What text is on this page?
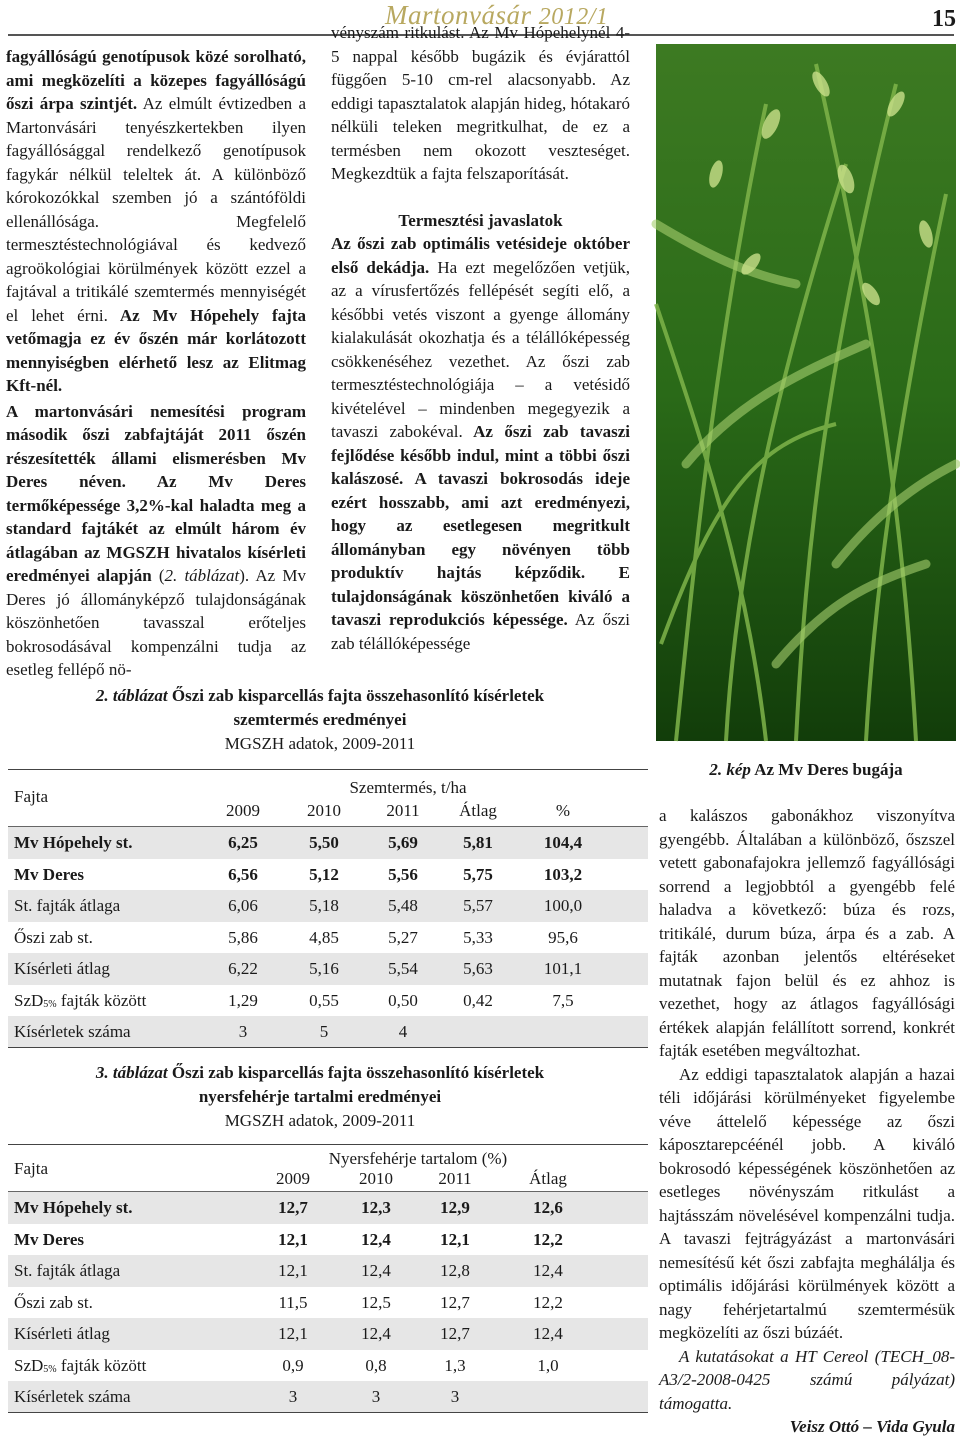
Martonvásár 2012/1	15

fagyállóságú genotípusok közé sorolható, ami megközelíti a közepes fagyállóságú őszi árpa szintjét. Az elmúlt évtizedben a Martonvásári tenyészkertekben ilyen fagyállósággal rendelkező genotípusok fagykár nélkül teleltek át. A különböző kórokozókkal szemben jó a szántóföldi ellenállósága. Megfelelő termesztéstechnológiával és kedvező agroökológiai körülmények között ezzel a fajtával a tritikálé szemtermés mennyiségét el lehet érni. Az Mv Hópehely fajta vetőmagja ez év őszén már korlátozott mennyiségben elérhető lesz az Elitmag Kft-nél.

A martonvásári nemesítési program második őszi zabfajtáját 2011 őszén részesítették állami elismerésben Mv Deres néven. Az Mv Deres termőképessége 3,2%-kal haladta meg a standard fajtákét az elmúlt három év átlagában az MGSZH hivatalos kísérleti eredményei alapján (2. táblázat). Az Mv Deres jó állományképző tulajdonságának köszönhetően tavasszal erőteljes bokrosodásával kompenzálni tudja az esetleg fellépő nö-

vényszám ritkulást. Az Mv Hópehelynél 4-5 nappal később bugázik és évjárattól függően 5-10 cm-rel alacsonyabb. Az eddigi tapasztalatok alapján hideg, hótakaró nélküli teleken megritkulhat, de ez a termésben nem okozott veszteséget. Megkezdtük a fajta felszaporítását.

Termesztési javaslatok

Az őszi zab optimális vetésideje október első dekádja. Ha ezt megelőzően vetjük, az a vírusfertőzés fellépését segíti elő, a későbbi vetés viszont a gyenge állomány kialakulását okozhatja és a télállóképesség csökkenéséhez vezethet. Az őszi zab termesztéstechnológiája – a vetésidő kivételével – mindenben megegyezik a tavaszi zabokéval. Az őszi zab tavaszi fejlődése később indul, mint a többi őszi kalászosé. A tavaszi bokrosodás ideje ezért hosszabb, ami azt eredményezi, hogy az esetlegesen megritkult állományban egy növényen több produktív hajtás képződik. E tulajdonságának köszönhetően kiváló a tavaszi reprodukciós képessége. Az őszi zab télállóképessége

2. kép Az Mv Deres bugája

a kalászos gabonákhoz viszonyítva gyengébb. Általában a különböző, őszszel vetett gabonafajokra jellemző fagyállósági sorrend a legjobbtól a gyengébb felé haladva a következő: búza és rozs, tritikálé, durum búza, árpa és a zab. A fajták azonban jelentős eltéréseket mutatnak fajon belül és ez ahhoz is vezethet, hogy az átlagos fagyállósági értékek alapján felállított sorrend, konkrét fajták esetében megváltozhat.

Az eddigi tapasztalatok alapján a hazai téli időjárási körülményeket figyelembe véve áttelelő képessége az őszi káposztarepcéénél jobb. A kiváló bokrosodó képességének köszönhetően az esetleges növényszám ritkulást a hajtásszám növelésével kompenzálni tudja. A tavaszi fejtrágyázást a martonvásári nemesítésű két őszi zabfajta meghálálja és optimális időjárási körülmények között a nagy fehérjetartalmú szemtermésük megközelíti az őszi búzáét.

A kutatásokat a HT Cereol (TECH_08-A3/2-2008-0425 számú pályázat) támogatta.

Veisz Ottó – Vida Gyula

2. táblázat Őszi zab kisparcellás fajta összehasonlító kísérletek
szemtermés eredményei
MGSZH adatok, 2009-2011
Fajta	Szemtermés, t/ha
2009	2010	2011	Átlag	%
Mv Hópehely st.	6,25	5,50	5,69	5,81	104,4
Mv Deres	6,56	5,12	5,56	5,75	103,2
St. fajták átlaga	6,06	5,18	5,48	5,57	100,0
Őszi zab st.	5,86	4,85	5,27	5,33	95,6
Kísérleti átlag	6,22	5,16	5,54	5,63	101,1
SzD5% fajták között	1,29	0,55	0,50	0,42	7,5
Kísérletek száma	3	5	4
3. táblázat Őszi zab kisparcellás fajta összehasonlító kísérletek
nyersfehérje tartalmi eredményei
MGSZH adatok, 2009-2011
Fajta
Nyersfehérje tartalom (%)
2009	2010	2011	Átlag
Mv Hópehely st.	12,7	12,3	12,9	12,6
Mv Deres	12,1	12,4	12,1	12,2
St. fajták átlaga	12,1	12,4	12,8	12,4
Őszi zab st.	11,5	12,5	12,7	12,2
Kísérleti átlag	12,1	12,4	12,7	12,4
SzD5% fajták között	0,9	0,8	1,3	1,0
Kísérletek száma	3	3	3
